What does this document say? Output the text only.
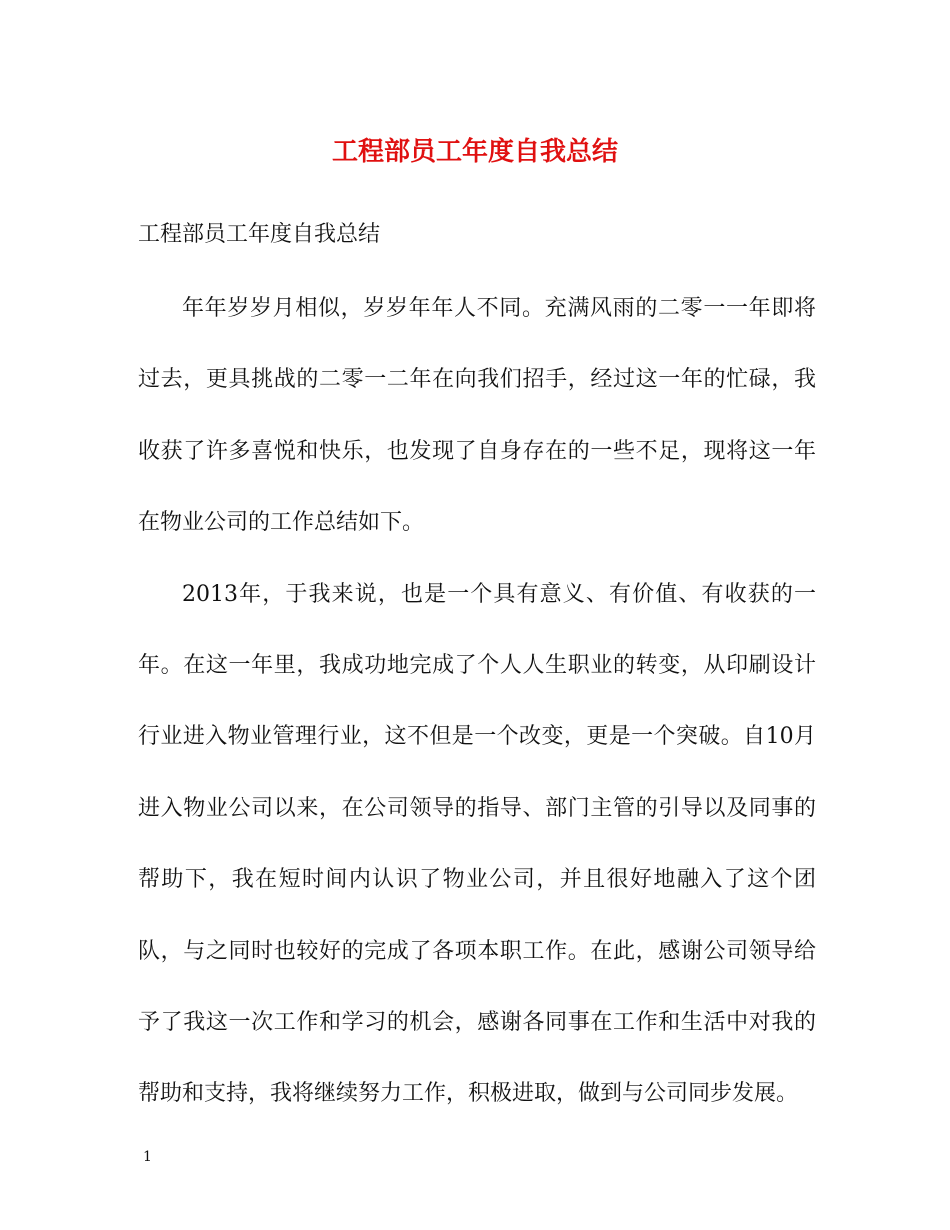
工程部员工年度自我总结
工程部员工年度自我总结

年年岁岁月相似，岁岁年年人不同。充满风雨的二零一一年即将过去，更具挑战的二零一二年在向我们招手，经过这一年的忙碌，我收获了许多喜悦和快乐，也发现了自身存在的一些不足，现将这一年在物业公司的工作总结如下。

2013年，于我来说，也是一个具有意义、有价值、有收获的一年。在这一年里，我成功地完成了个人人生职业的转变，从印刷设计行业进入物业管理行业，这不但是一个改变，更是一个突破。自10月进入物业公司以来，在公司领导的指导、部门主管的引导以及同事的帮助下，我在短时间内认识了物业公司，并且很好地融入了这个团队，与之同时也较好的完成了各项本职工作。在此，感谢公司领导给予了我这一次工作和学习的机会，感谢各同事在工作和生活中对我的帮助和支持，我将继续努力工作，积极进取，做到与公司同步发展。

1
